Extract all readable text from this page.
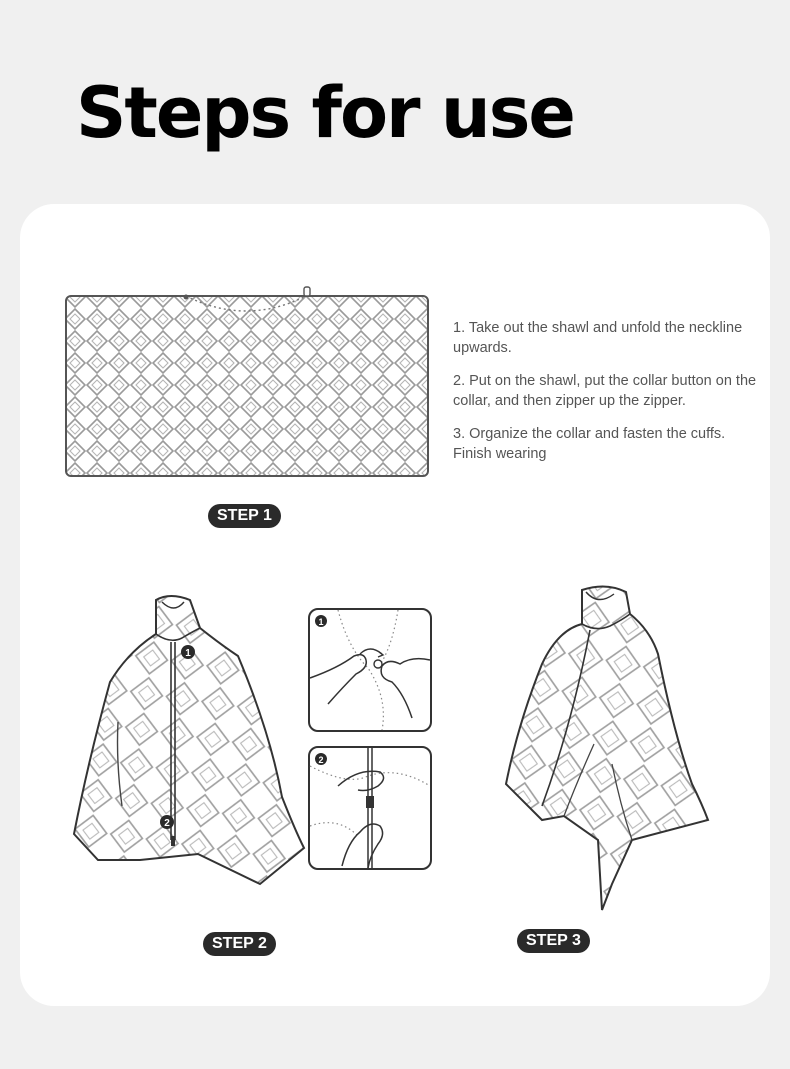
Steps for use

1. Take out the shawl and unfold the neckline upwards.

2. Put on the shawl, put the collar button on the collar, and then zipper up the zipper.

3. Organize the collar and fasten the cuffs. Finish wearing

STEP 1
1
2
1
2
STEP 2	STEP 3
